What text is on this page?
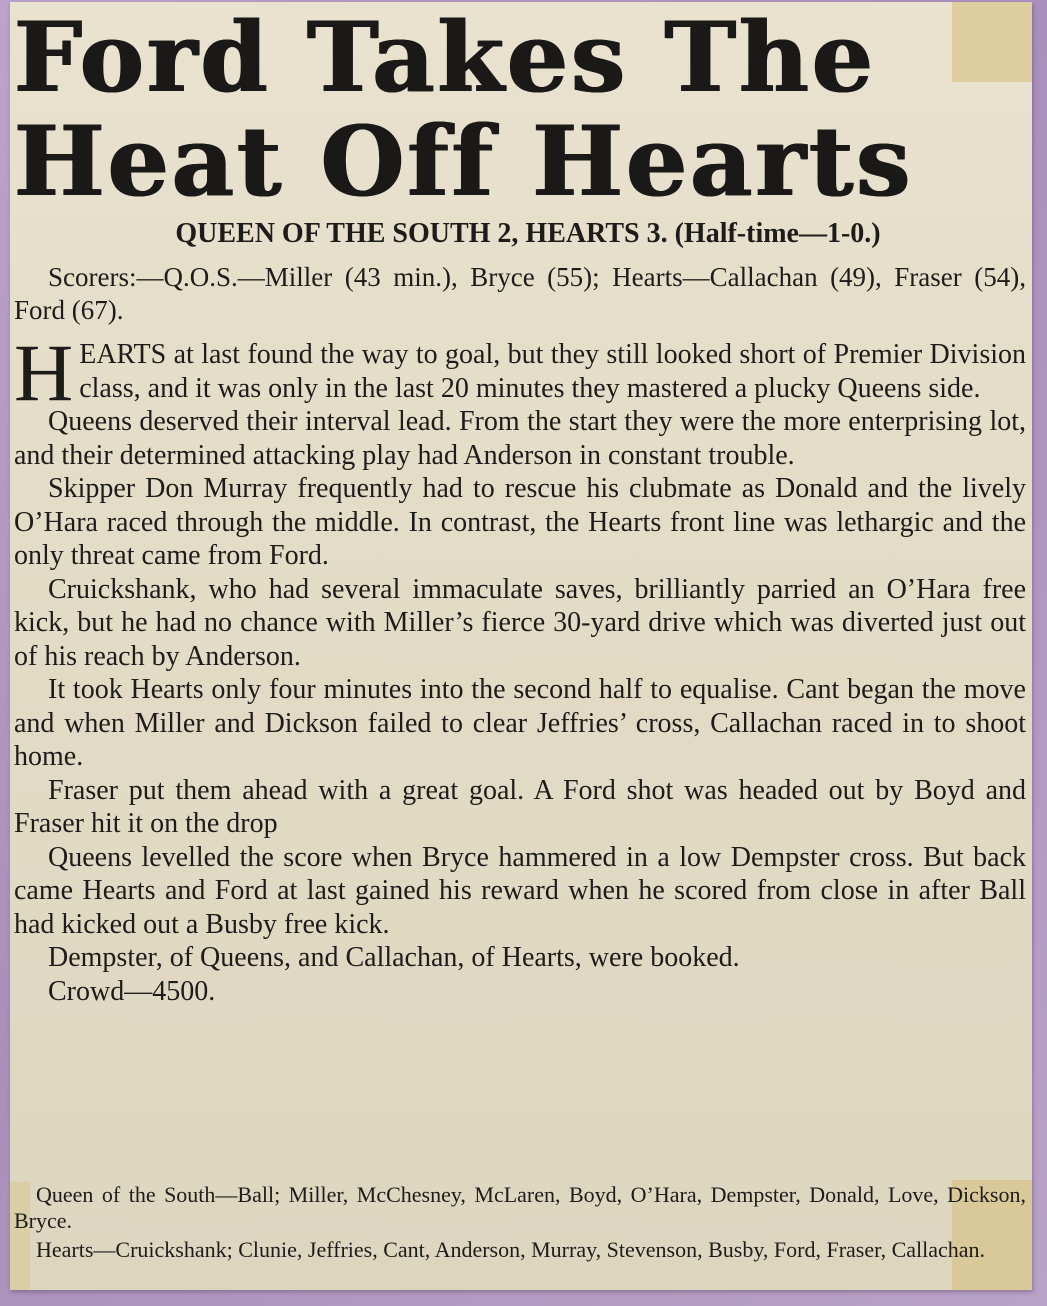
Ford Takes The
Heat Off Hearts

QUEEN OF THE SOUTH 2, HEARTS 3. (Half-time—1-0.)

Scorers:—Q.O.S.—Miller (43 min.), Bryce (55); Hearts—Callachan (49), Fraser (54), Ford (67).

HEARTS at last found the way to goal, but they still looked short of Premier Division class, and it was only in the last 20 minutes they mastered a plucky Queens side.

Queens deserved their interval lead. From the start they were the more enterprising lot, and their determined attacking play had Anderson in constant trouble.

Skipper Don Murray frequently had to rescue his clubmate as Donald and the lively O’Hara raced through the middle. In contrast, the Hearts front line was lethargic and the only threat came from Ford.

Cruickshank, who had several immaculate saves, brilliantly parried an O’Hara free kick, but he had no chance with Miller’s fierce 30-yard drive which was diverted just out of his reach by Anderson.

It took Hearts only four minutes into the second half to equalise. Cant began the move and when Miller and Dickson failed to clear Jeffries’ cross, Callachan raced in to shoot home.

Fraser put them ahead with a great goal. A Ford shot was headed out by Boyd and Fraser hit it on the drop

Queens levelled the score when Bryce hammered in a low Dempster cross. But back came Hearts and Ford at last gained his reward when he scored from close in after Ball had kicked out a Busby free kick.

Dempster, of Queens, and Callachan, of Hearts, were booked.

Crowd—4500.

Queen of the South—Ball; Miller, McChesney, McLaren, Boyd, O’Hara, Dempster, Donald, Love, Dickson, Bryce.

Hearts—Cruickshank; Clunie, Jeffries, Cant, Anderson, Murray, Stevenson, Busby, Ford, Fraser, Callachan.
